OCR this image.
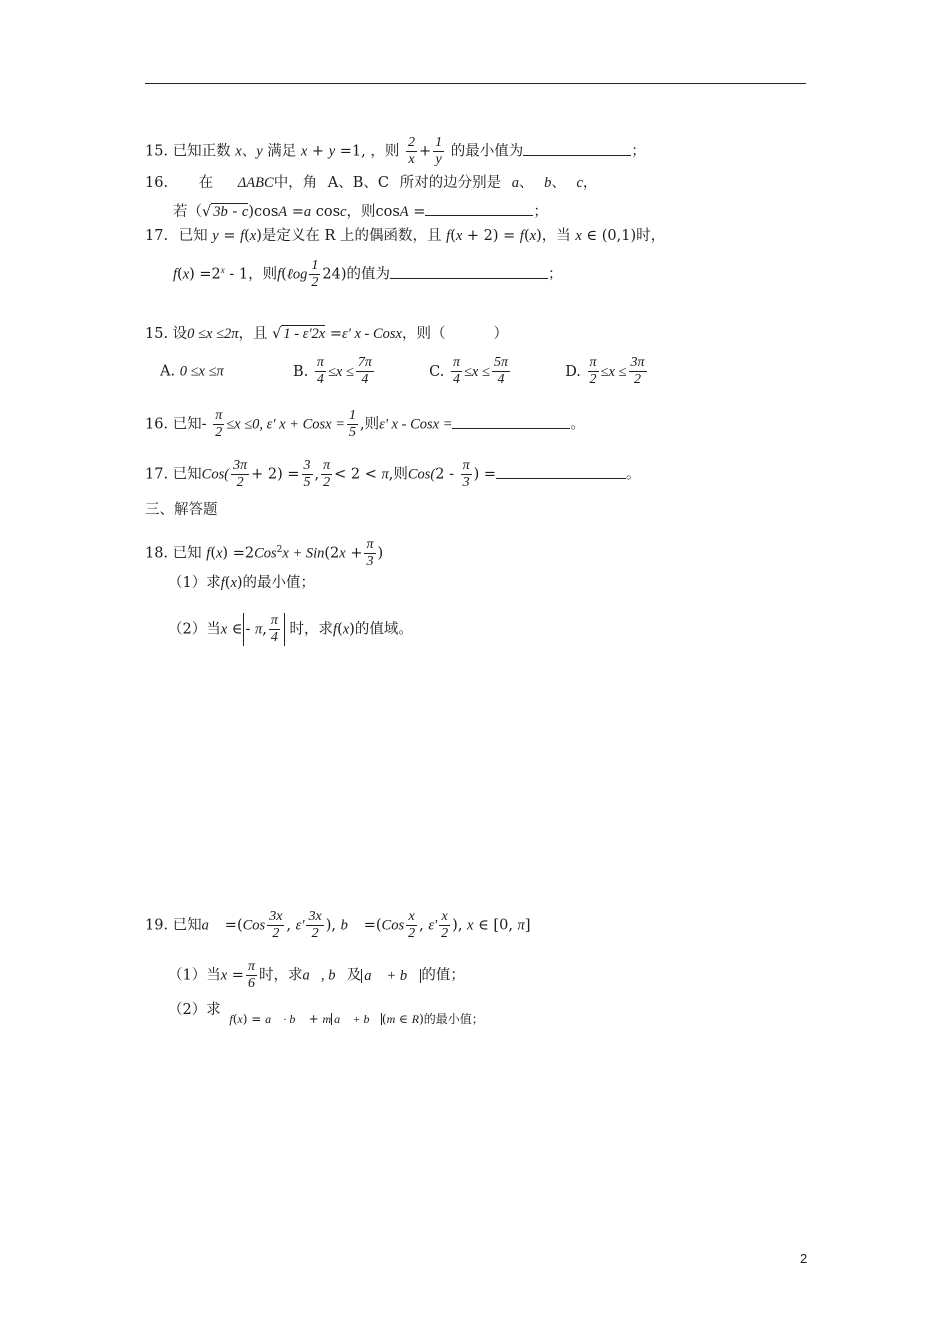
15. 已知正数 x、y 满足 x + y =1, ，则 $\frac{2}{x} + \frac{1}{y}$ 的最小值为	；
16. 在 ΔABC中，角 A、B、C 所对的边分别是 a、 b、 c，
若（√ 3b - c)cosA =a cosc，则cosA =	；
17. 已知 y = f(x)是定义在 R 上的偶函数，且 f(x + 2) = f(x)，当 x ∈ (0,1)时，
$f(x) =2^x - 1$，则f(ℓog $\frac{1}{2} 24$)的值为	；
15. 设0 ≤x ≤2π，且 √ 1 - ε'2x =ε' x - Cosx，则（	）
A. 0 ≤x ≤π	B. $\frac{\pi}{4} \le x \le \frac{7\pi}{4}$	C. $\frac{\pi}{4} \le x \le \frac{5\pi}{4}$	D. $\frac{\pi}{2} \le x \le \frac{3\pi}{2}$
16. 已知- $\frac{\pi}{2} \le x \le 0$, ε' x + Cosx = $\frac{1}{5}$ ,则ε' x - Cosx =	。
17. 已知$Cos( \frac{3\pi}{2} + 2) = \frac{3}{5}$ , $\frac{\pi}{2} < 2 < \pi$,则$Cos(2 - \frac{\pi}{3}$ ) =	。
三、解答题
18. 已知 $f(x) =2Cos^2x + Sin(2x + \frac{\pi}{3}$ )
（1）求f(x)的最小值；
（2）当x ∈ - π, $\frac{\pi}{4}$ 时，求f(x)的值域。
19. 已知a⃗ $=(Cos \frac{3x}{2}$ , $\varepsilon' \frac{3x}{2}$ ), b⃗ $=(Cos \frac{x}{2}$ , $\varepsilon' \frac{x}{2}$ ), x ∈ [0, π]
（1）当$x = \frac{\pi}{6}$ 时，求a⃗, b⃗及 a⃗ + b⃗ 的值；
（2）求 $_{f(x) = a⃗ \cdot b⃗ + m a⃗ + b⃗ (m \in R)的最小值;}$
2
